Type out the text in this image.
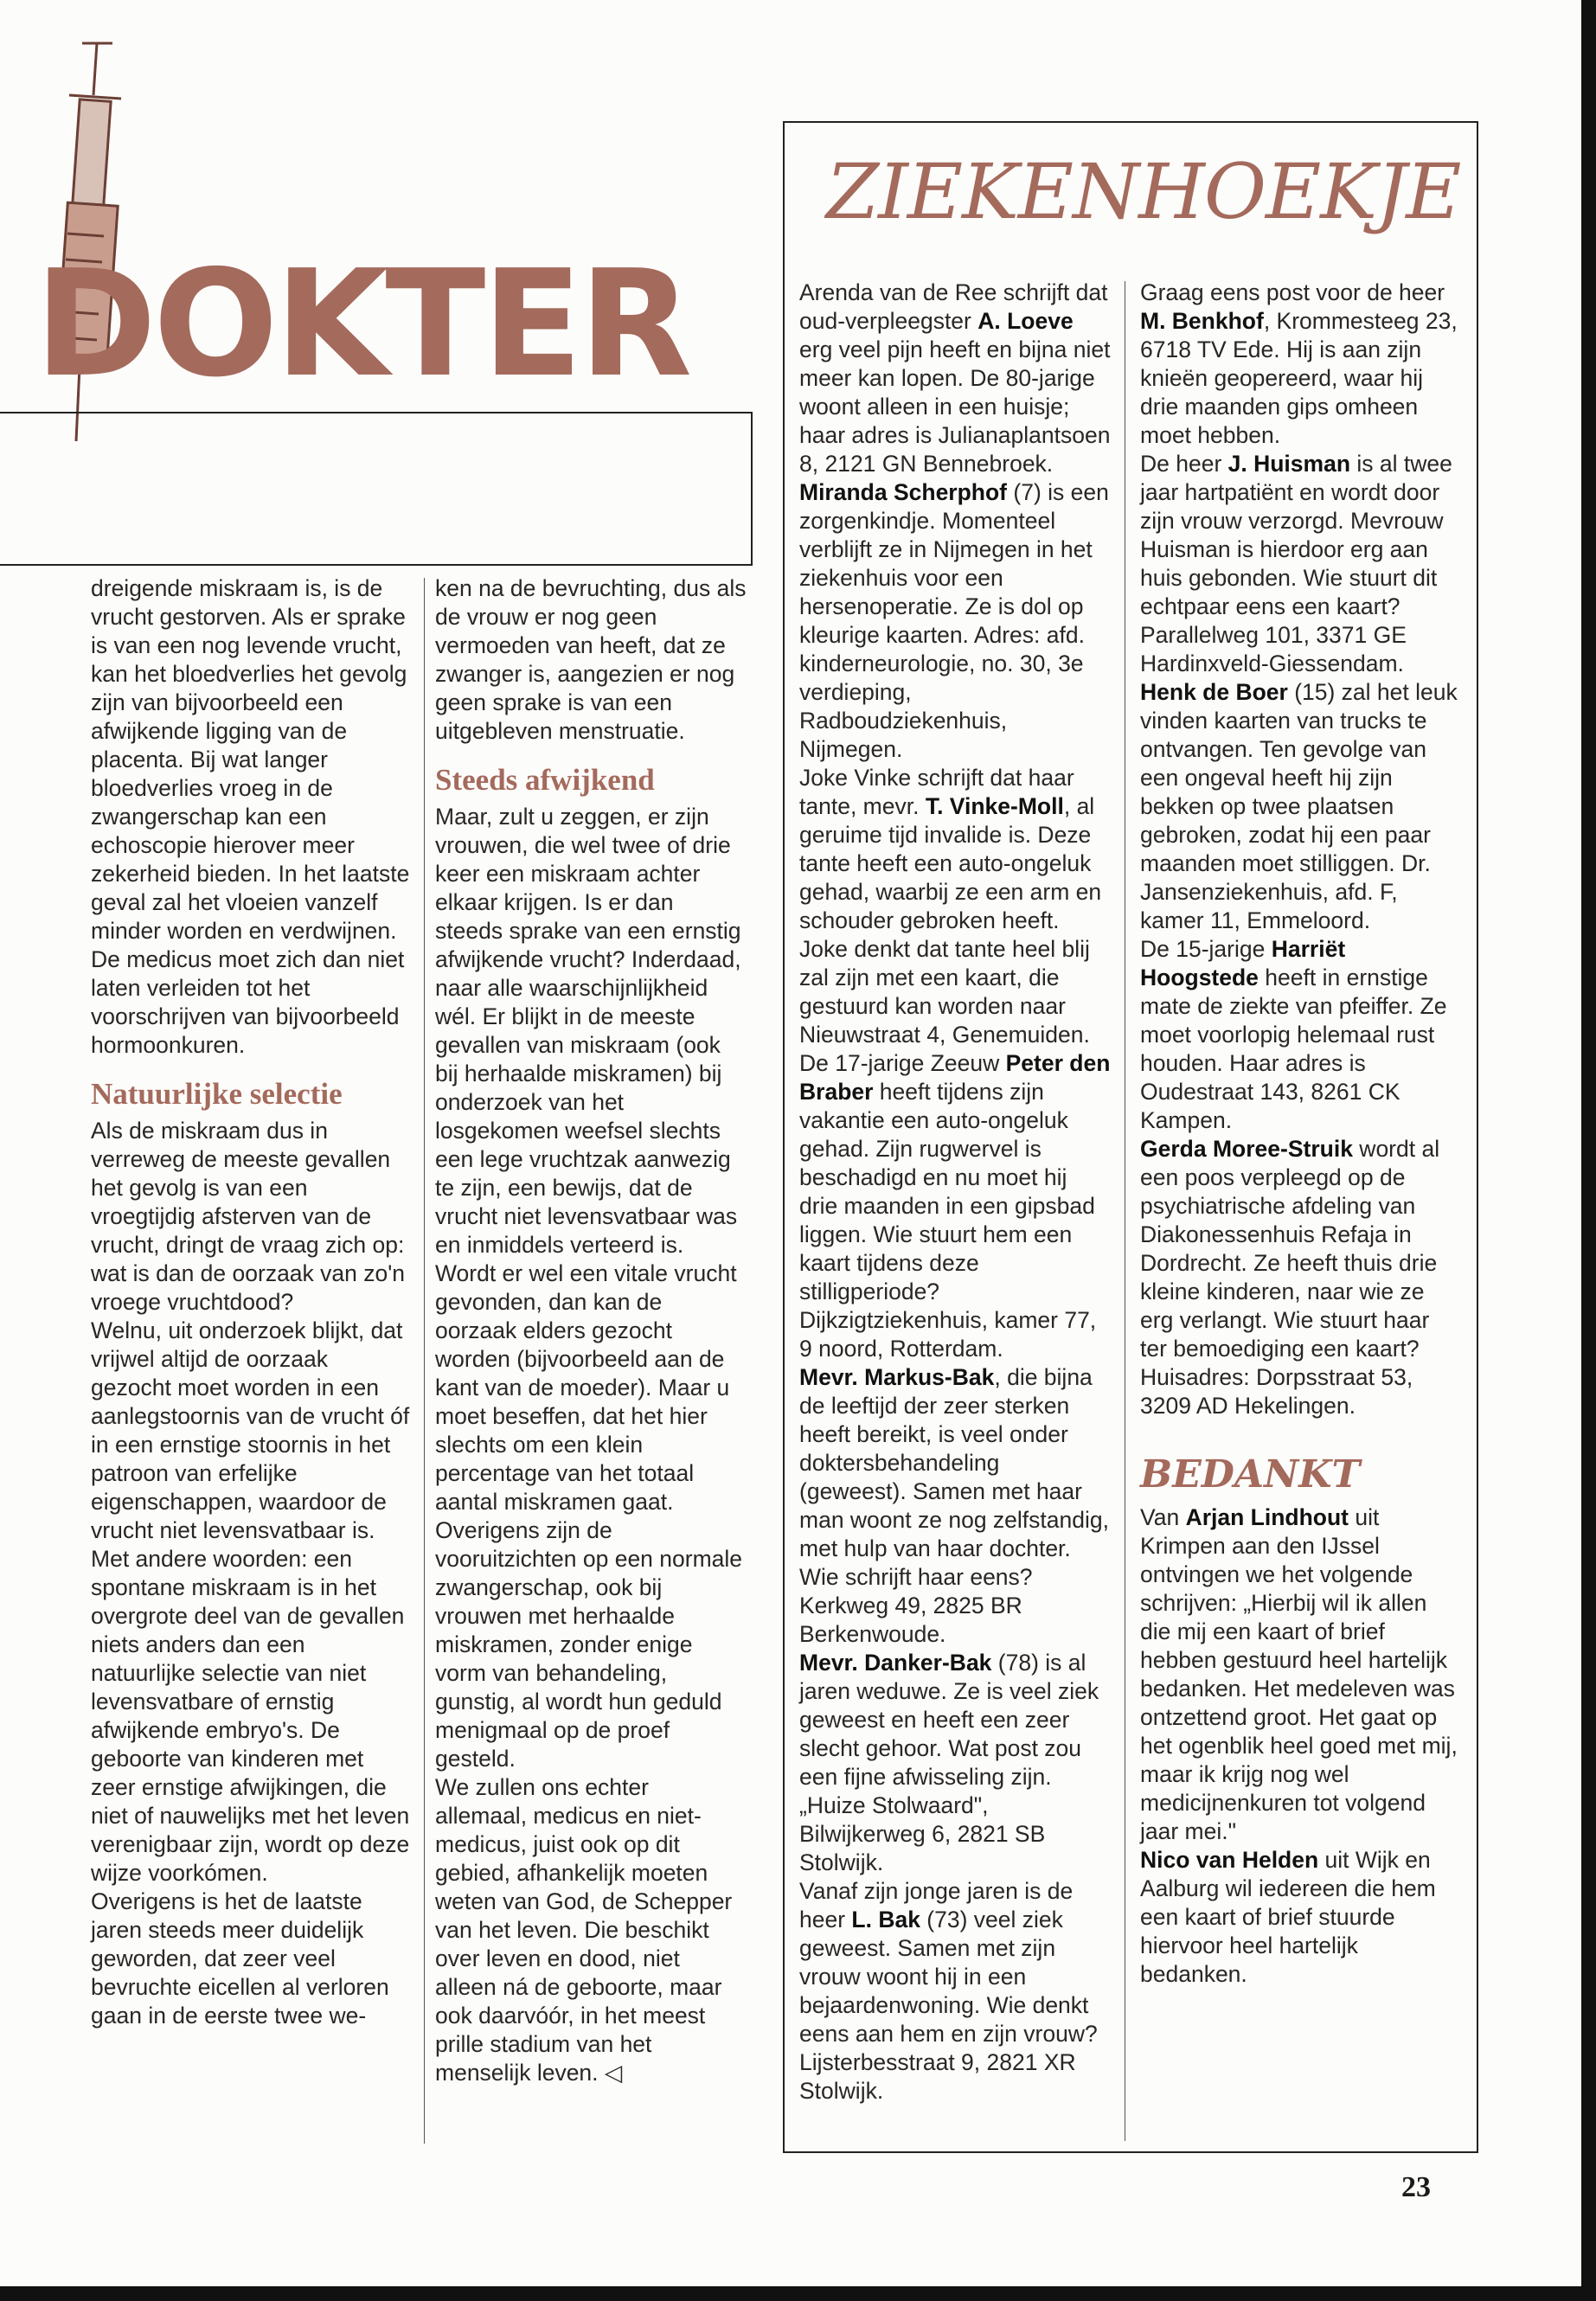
DOKTER

dreigende miskraam is, is de vrucht gestorven. Als er sprake is van een nog levende vrucht, kan het bloedverlies het gevolg zijn van bijvoorbeeld een afwijkende ligging van de placenta. Bij wat langer bloedverlies vroeg in de zwangerschap kan een echoscopie hierover meer zekerheid bieden. In het laatste geval zal het vloeien vanzelf minder worden en verdwijnen. De medicus moet zich dan niet laten verleiden tot het voorschrijven van bijvoorbeeld hormoonkuren.

Natuurlijke selectie

Als de miskraam dus in verreweg de meeste gevallen het gevolg is van een vroegtijdig afsterven van de vrucht, dringt de vraag zich op: wat is dan de oorzaak van zo'n vroege vruchtdood?

Welnu, uit onderzoek blijkt, dat vrijwel altijd de oorzaak gezocht moet worden in een aanlegstoornis van de vrucht óf in een ernstige stoornis in het patroon van erfelijke eigenschappen, waardoor de vrucht niet levensvatbaar is. Met andere woorden: een spontane miskraam is in het overgrote deel van de gevallen niets anders dan een natuurlijke selectie van niet levensvatbare of ernstig afwijkende embryo's. De geboorte van kinderen met zeer ernstige afwijkingen, die niet of nauwelijks met het leven verenigbaar zijn, wordt op deze wijze voorkómen.

Overigens is het de laatste jaren steeds meer duidelijk geworden, dat zeer veel bevruchte eicellen al verloren gaan in de eerste twee we-

ken na de bevruchting, dus als de vrouw er nog geen vermoeden van heeft, dat ze zwanger is, aangezien er nog geen sprake is van een uitgebleven menstruatie.

Steeds afwijkend

Maar, zult u zeggen, er zijn vrouwen, die wel twee of drie keer een miskraam achter elkaar krijgen. Is er dan steeds sprake van een ernstig afwijkende vrucht? Inderdaad, naar alle waarschijnlijkheid wél. Er blijkt in de meeste gevallen van miskraam (ook bij herhaalde miskramen) bij onderzoek van het losgekomen weefsel slechts een lege vruchtzak aanwezig te zijn, een bewijs, dat de vrucht niet levensvatbaar was en inmiddels verteerd is. Wordt er wel een vitale vrucht gevonden, dan kan de oorzaak elders gezocht worden (bijvoorbeeld aan de kant van de moeder). Maar u moet beseffen, dat het hier slechts om een klein percentage van het totaal aantal miskramen gaat.

Overigens zijn de vooruitzichten op een normale zwangerschap, ook bij vrouwen met herhaalde miskramen, zonder enige vorm van behandeling, gunstig, al wordt hun geduld menigmaal op de proef gesteld.

We zullen ons echter allemaal, medicus en niet-medicus, juist ook op dit gebied, afhankelijk moeten weten van God, de Schepper van het leven. Die beschikt over leven en dood, niet alleen ná de geboorte, maar ook daarvóór, in het meest prille stadium van het menselijk leven. ◁

ZIEKENHOEKJE

Arenda van de Ree schrijft dat oud-verpleegster A. Loeve erg veel pijn heeft en bijna niet meer kan lopen. De 80-jarige woont alleen in een huisje; haar adres is Julianaplantsoen 8, 2121 GN Bennebroek.

Miranda Scherphof (7) is een zorgenkindje. Momenteel verblijft ze in Nijmegen in het ziekenhuis voor een hersenoperatie. Ze is dol op kleurige kaarten. Adres: afd. kinderneurologie, no. 30, 3e verdieping, Radboudziekenhuis, Nijmegen.

Joke Vinke schrijft dat haar tante, mevr. T. Vinke-Moll, al geruime tijd invalide is. Deze tante heeft een auto-ongeluk gehad, waarbij ze een arm en schouder gebroken heeft. Joke denkt dat tante heel blij zal zijn met een kaart, die gestuurd kan worden naar Nieuwstraat 4, Genemuiden.

De 17-jarige Zeeuw Peter den Braber heeft tijdens zijn vakantie een auto-ongeluk gehad. Zijn rugwervel is beschadigd en nu moet hij drie maanden in een gipsbad liggen. Wie stuurt hem een kaart tijdens deze stilligperiode? Dijkzigtziekenhuis, kamer 77, 9 noord, Rotterdam.

Mevr. Markus-Bak, die bijna de leeftijd der zeer sterken heeft bereikt, is veel onder doktersbehandeling (geweest). Samen met haar man woont ze nog zelfstandig, met hulp van haar dochter. Wie schrijft haar eens? Kerkweg 49, 2825 BR Berkenwoude.

Mevr. Danker-Bak (78) is al jaren weduwe. Ze is veel ziek geweest en heeft een zeer slecht gehoor. Wat post zou een fijne afwisseling zijn. „Huize Stolwaard", Bilwijkerweg 6, 2821 SB Stolwijk.

Vanaf zijn jonge jaren is de heer L. Bak (73) veel ziek geweest. Samen met zijn vrouw woont hij in een bejaardenwoning. Wie denkt eens aan hem en zijn vrouw? Lijsterbesstraat 9, 2821 XR Stolwijk.

Graag eens post voor de heer M. Benkhof, Krommesteeg 23, 6718 TV Ede. Hij is aan zijn knieën geopereerd, waar hij drie maanden gips omheen moet hebben.

De heer J. Huisman is al twee jaar hartpatiënt en wordt door zijn vrouw verzorgd. Mevrouw Huisman is hierdoor erg aan huis gebonden. Wie stuurt dit echtpaar eens een kaart? Parallelweg 101, 3371 GE Hardinxveld-Giessendam.

Henk de Boer (15) zal het leuk vinden kaarten van trucks te ontvangen. Ten gevolge van een ongeval heeft hij zijn bekken op twee plaatsen gebroken, zodat hij een paar maanden moet stilliggen. Dr. Jansenziekenhuis, afd. F, kamer 11, Emmeloord.

De 15-jarige Harriët Hoogstede heeft in ernstige mate de ziekte van pfeiffer. Ze moet voorlopig helemaal rust houden. Haar adres is Oudestraat 143, 8261 CK Kampen.

Gerda Moree-Struik wordt al een poos verpleegd op de psychiatrische afdeling van Diakonessenhuis Refaja in Dordrecht. Ze heeft thuis drie kleine kinderen, naar wie ze erg verlangt. Wie stuurt haar ter bemoediging een kaart? Huisadres: Dorpsstraat 53, 3209 AD Hekelingen.

BEDANKT

Van Arjan Lindhout uit Krimpen aan den IJssel ontvingen we het volgende schrijven: „Hierbij wil ik allen die mij een kaart of brief hebben gestuurd heel hartelijk bedanken. Het medeleven was ontzettend groot. Het gaat op het ogenblik heel goed met mij, maar ik krijg nog wel medicijnenkuren tot volgend jaar mei."

Nico van Helden uit Wijk en Aalburg wil iedereen die hem een kaart of brief stuurde hiervoor heel hartelijk bedanken.

23
